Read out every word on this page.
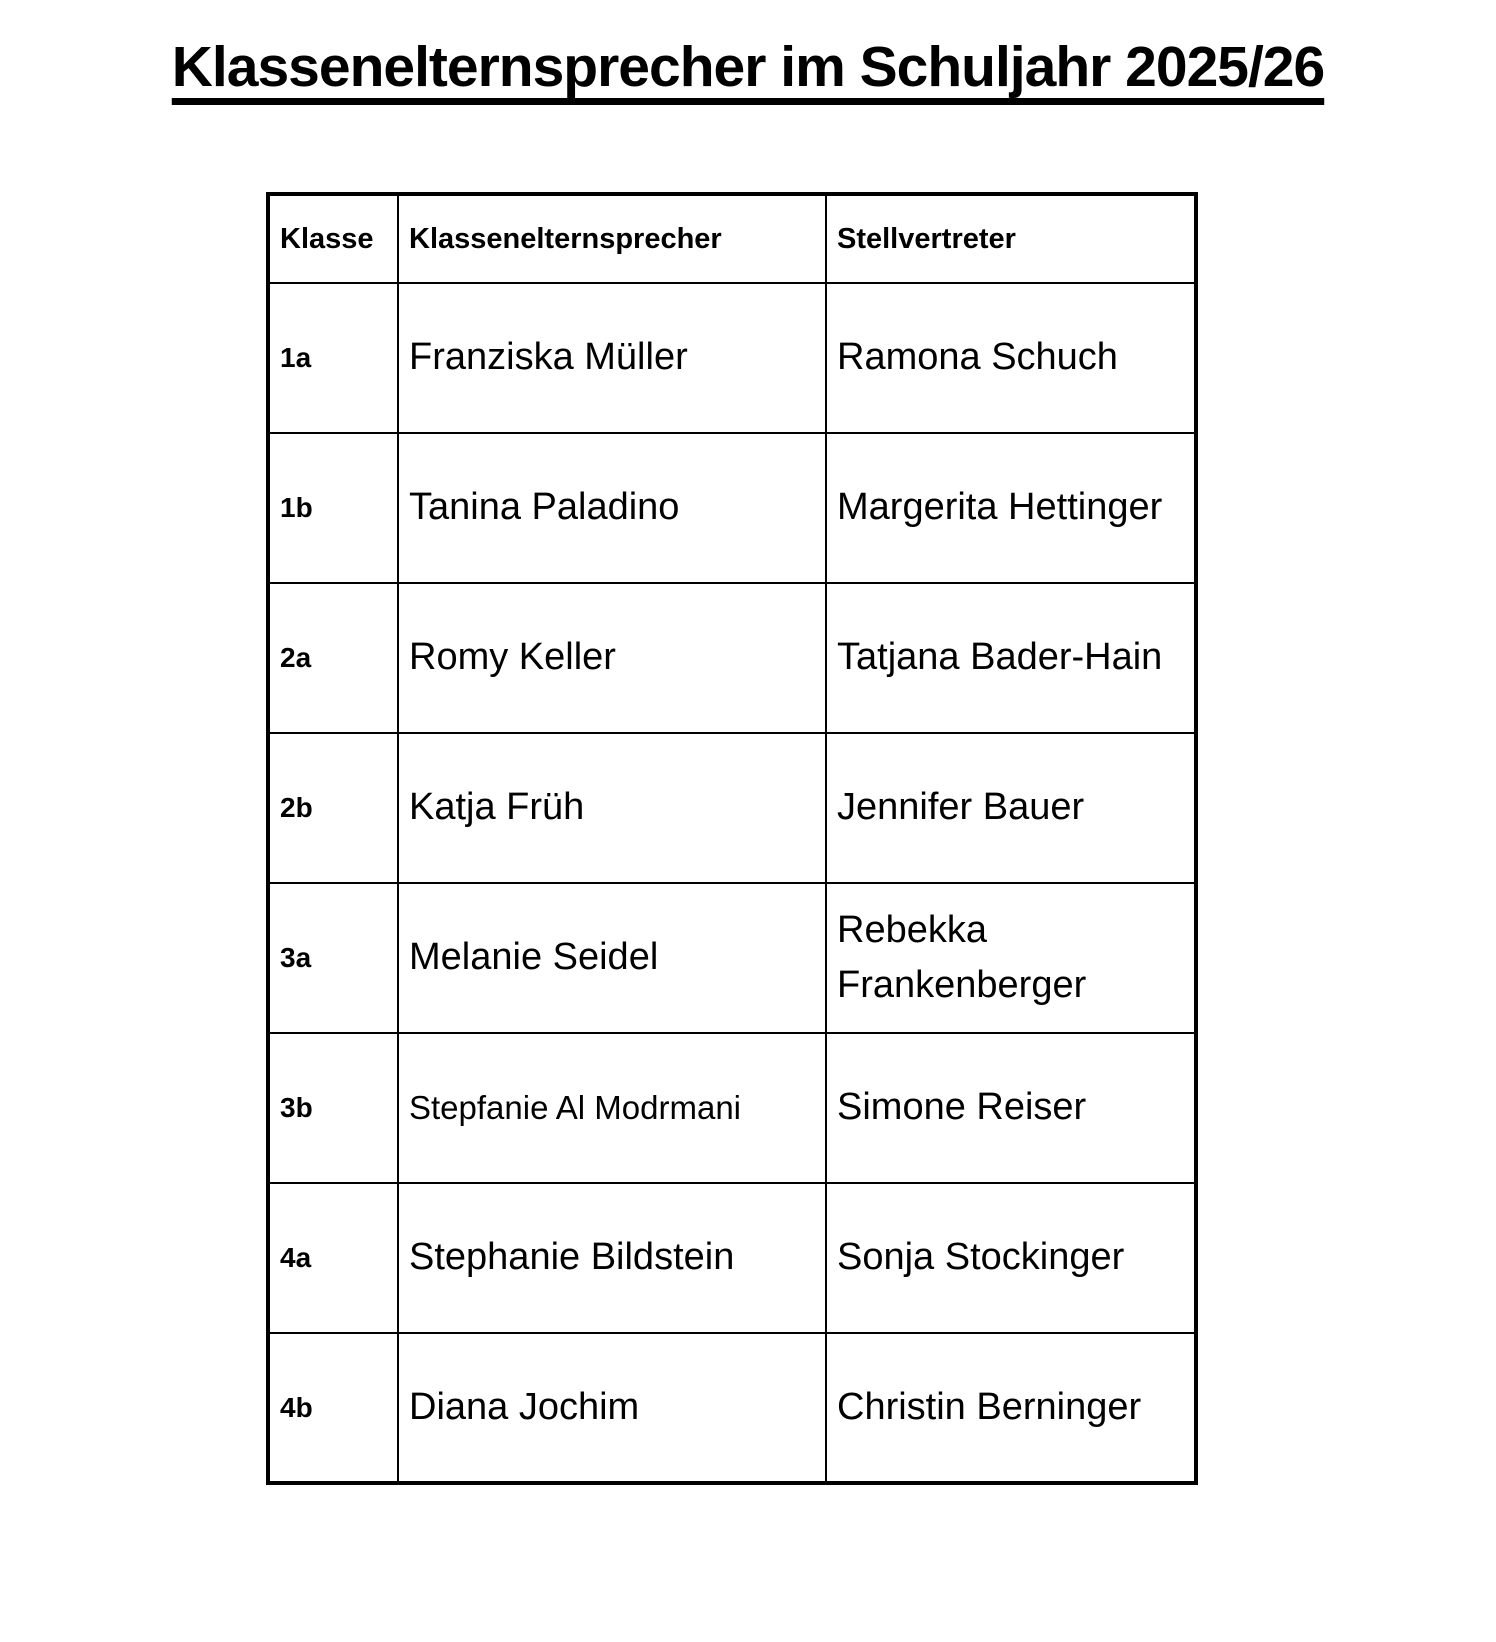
Klassenelternsprecher im Schuljahr 2025/26
Klasse	Klassenelternsprecher	Stellvertreter
1a	Franziska Müller	Ramona Schuch
1b	Tanina Paladino	Margerita Hettinger
2a	Romy Keller	Tatjana Bader-Hain
2b	Katja Früh	Jennifer Bauer
3a	Melanie Seidel	Rebekka Frankenberger
3b	Stepfanie Al Modrmani	Simone Reiser
4a	Stephanie Bildstein	Sonja Stockinger
4b	Diana Jochim	Christin Berninger
